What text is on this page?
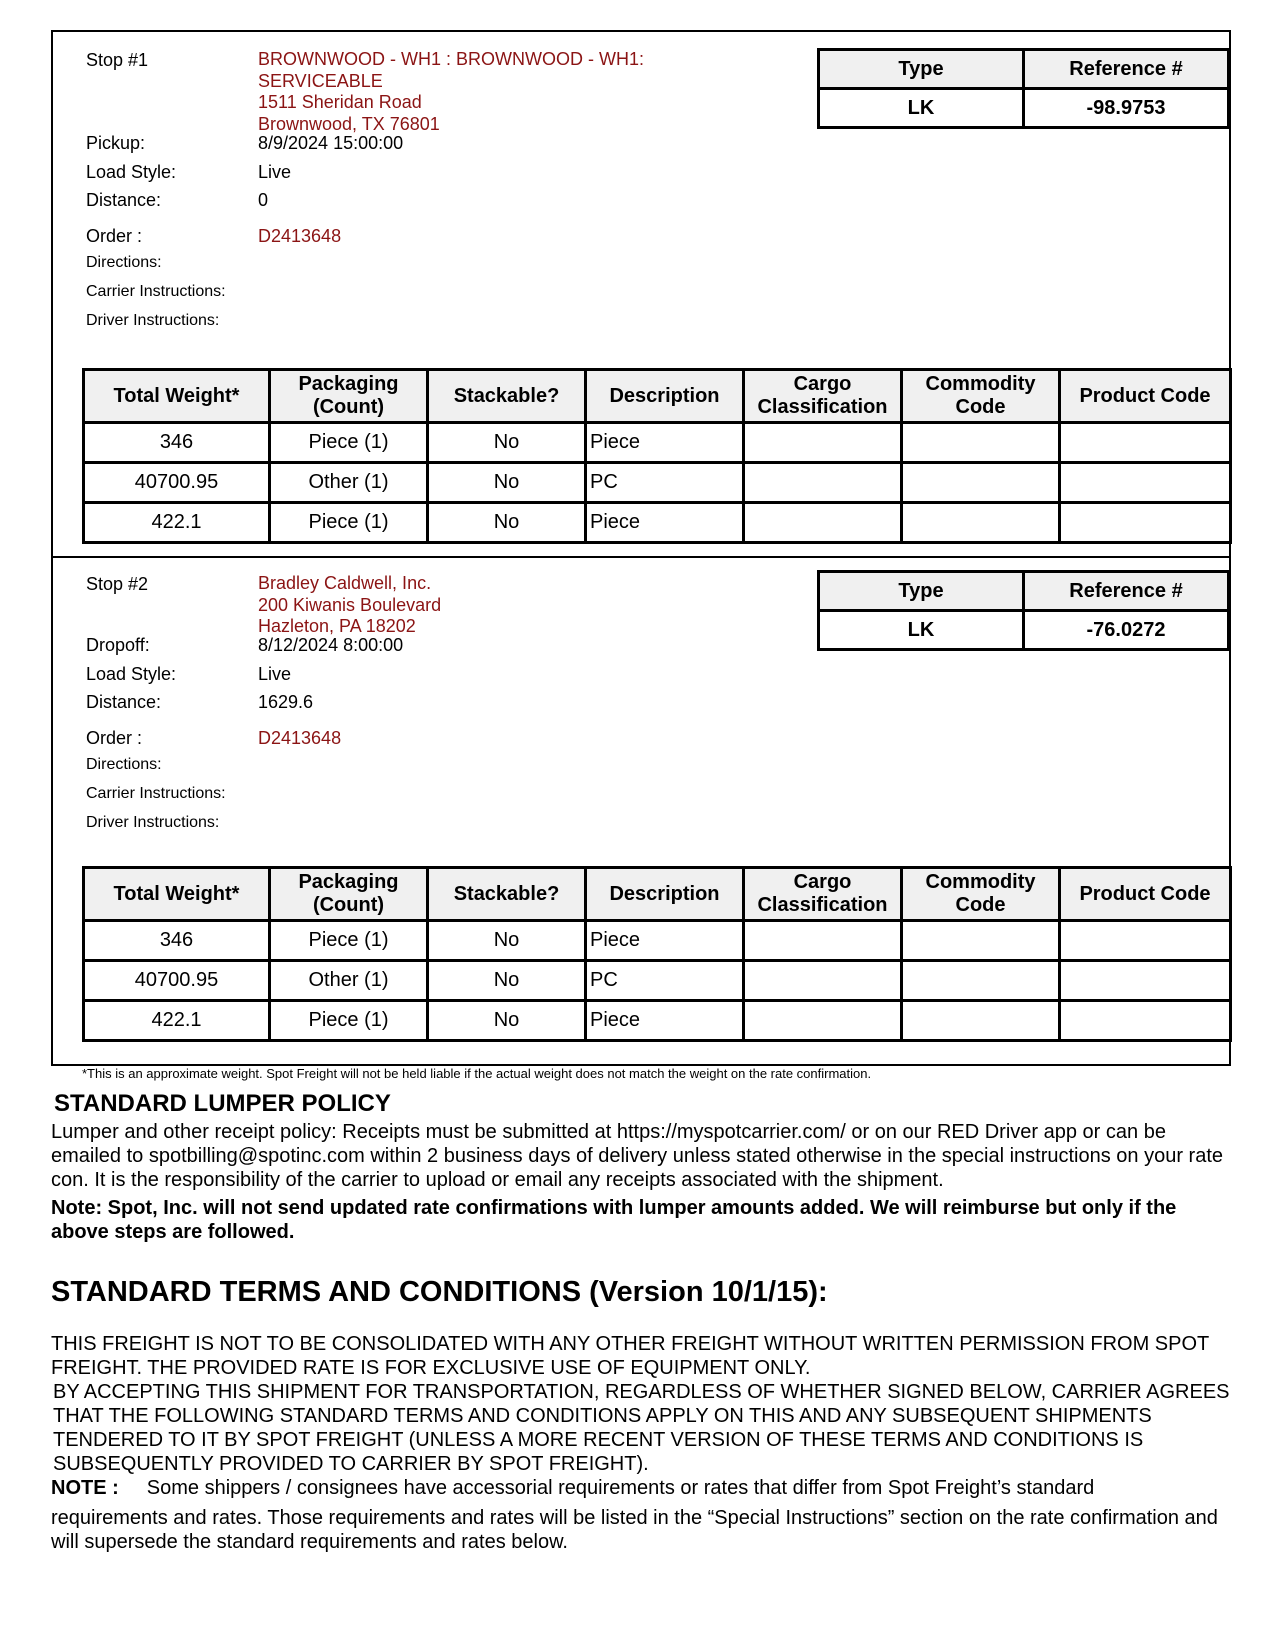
Stop #1	BROWNWOOD - WH1 : BROWNWOOD - WH1:
SERVICEABLE
1511 Sheridan Road
Brownwood, TX 76801
Pickup:	8/9/2024 15:00:00
Load Style:	Live
Distance:	0
Order :	D2413648
Directions:
Carrier Instructions:
Driver Instructions:
Type	Reference #
LK	-98.9753
Total Weight*	Packaging (Count)	Stackable?	Description	Cargo Classification	Commodity Code	Product Code
346	Piece (1)	No	Piece			
40700.95	Other (1)	No	PC			
422.1	Piece (1)	No	Piece			
Stop #2	Bradley Caldwell, Inc.
200 Kiwanis Boulevard
Hazleton, PA 18202
Dropoff:	8/12/2024 8:00:00
Load Style:	Live
Distance:	1629.6
Order :	D2413648
Directions:
Carrier Instructions:
Driver Instructions:
Type	Reference #
LK	-76.0272
Total Weight*	Packaging (Count)	Stackable?	Description	Cargo Classification	Commodity Code	Product Code
346	Piece (1)	No	Piece			
40700.95	Other (1)	No	PC			
422.1	Piece (1)	No	Piece			
*This is an approximate weight. Spot Freight will not be held liable if the actual weight does not match the weight on the rate confirmation.
STANDARD LUMPER POLICY
Lumper and other receipt policy: Receipts must be submitted at https://myspotcarrier.com/ or on our RED Driver app or can be emailed to spotbilling@spotinc.com within 2 business days of delivery unless stated otherwise in the special instructions on your rate con. It is the responsibility of the carrier to upload or email any receipts associated with the shipment.
Note: Spot, Inc. will not send updated rate confirmations with lumper amounts added. We will reimburse but only if the above steps are followed.
STANDARD TERMS AND CONDITIONS (Version 10/1/15):
THIS FREIGHT IS NOT TO BE CONSOLIDATED WITH ANY OTHER FREIGHT WITHOUT WRITTEN PERMISSION FROM SPOT FREIGHT. THE PROVIDED RATE IS FOR EXCLUSIVE USE OF EQUIPMENT ONLY.
BY ACCEPTING THIS SHIPMENT FOR TRANSPORTATION, REGARDLESS OF WHETHER SIGNED BELOW, CARRIER AGREES THAT THE FOLLOWING STANDARD TERMS AND CONDITIONS APPLY ON THIS AND ANY SUBSEQUENT SHIPMENTS TENDERED TO IT BY SPOT FREIGHT (UNLESS A MORE RECENT VERSION OF THESE TERMS AND CONDITIONS IS SUBSEQUENTLY PROVIDED TO CARRIER BY SPOT FREIGHT).
NOTE : Some shippers / consignees have accessorial requirements or rates that differ from Spot Freight’s standard
requirements and rates. Those requirements and rates will be listed in the “Special Instructions” section on the rate confirmation and will supersede the standard requirements and rates below.
